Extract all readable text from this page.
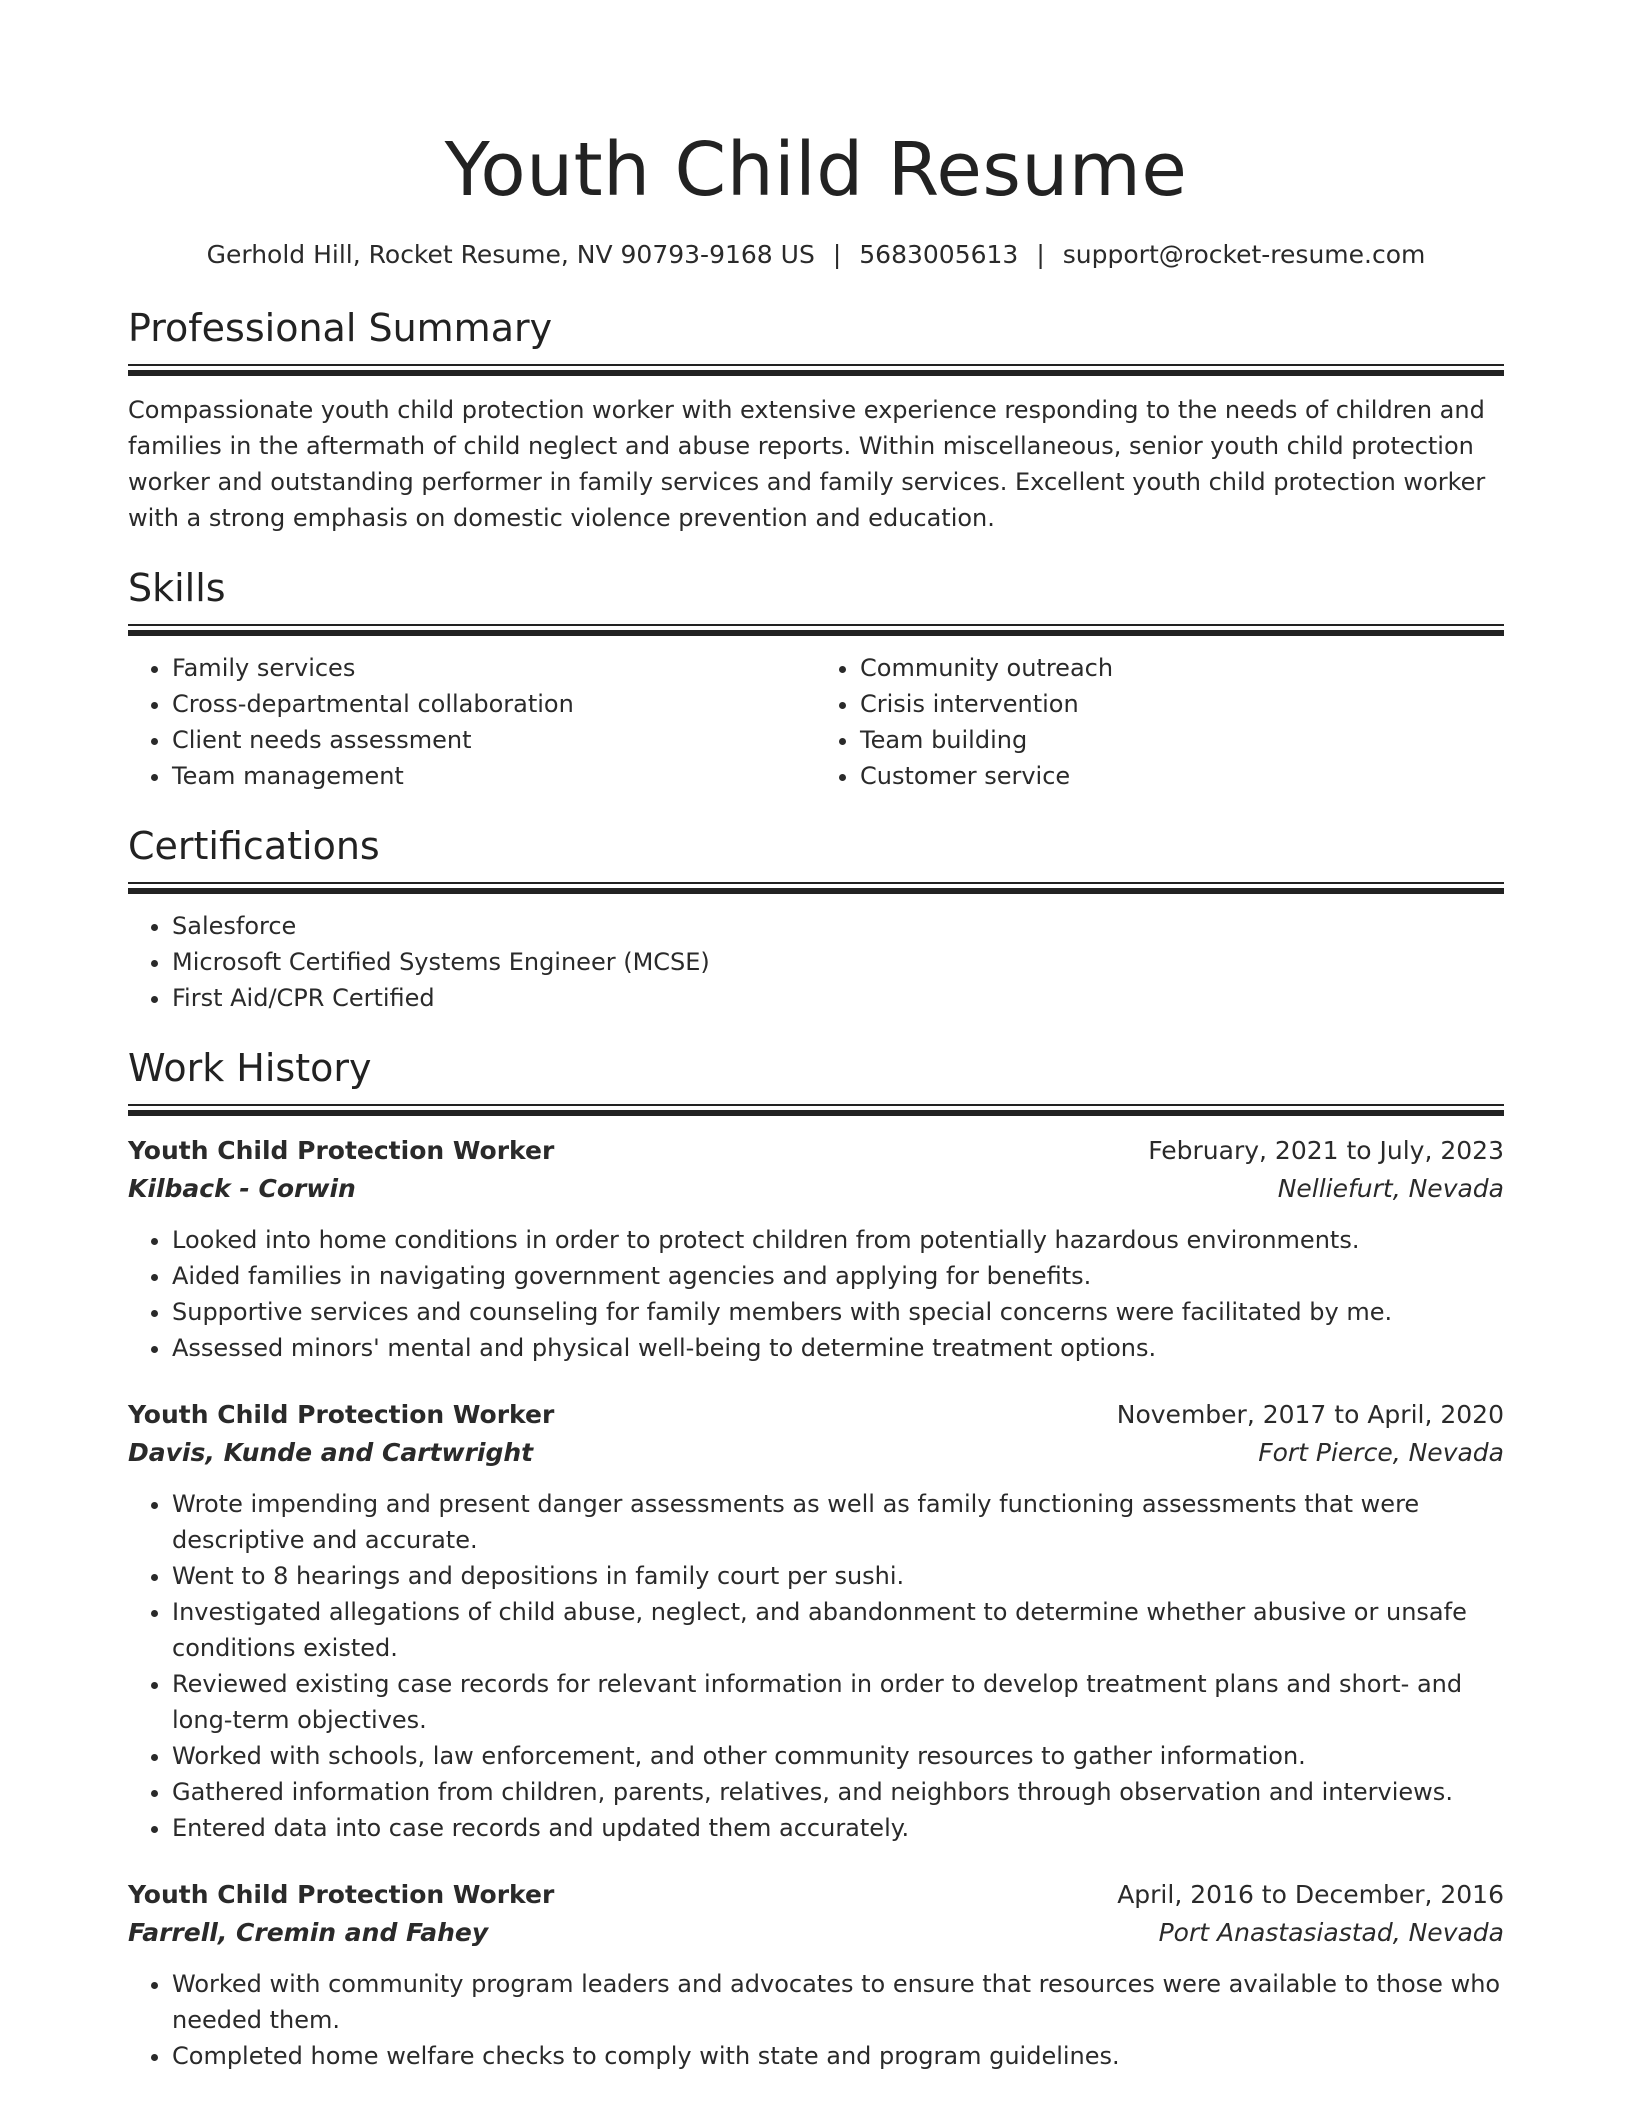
Youth Child Resume
Gerhold Hill, Rocket Resume, NV 90793-9168 US | 5683005613 | support@rocket-resume.com
Professional Summary

Compassionate youth child protection worker with extensive experience responding to the needs of children and families in the aftermath of child neglect and abuse reports. Within miscellaneous, senior youth child protection worker and outstanding performer in family services and family services. Excellent youth child protection worker with a strong emphasis on domestic violence prevention and education.

Skills
• Family services
• Cross-departmental collaboration
• Client needs assessment
• Team management
• Community outreach
• Crisis intervention
• Team building
• Customer service
Certifications
• Salesforce
• Microsoft Certified Systems Engineer (MCSE)
• First Aid/CPR Certified
Work History
Youth Child Protection Worker	February, 2021 to July, 2023
Kilback - Corwin	Nelliefurt, Nevada
• Looked into home conditions in order to protect children from potentially hazardous environments.
• Aided families in navigating government agencies and applying for benefits.
• Supportive services and counseling for family members with special concerns were facilitated by me.
• Assessed minors' mental and physical well-being to determine treatment options.
Youth Child Protection Worker	November, 2017 to April, 2020
Davis, Kunde and Cartwright	Fort Pierce, Nevada
• Wrote impending and present danger assessments as well as family functioning assessments that were descriptive and accurate.
• Went to 8 hearings and depositions in family court per sushi.
• Investigated allegations of child abuse, neglect, and abandonment to determine whether abusive or unsafe conditions existed.
• Reviewed existing case records for relevant information in order to develop treatment plans and short- and long-term objectives.
• Worked with schools, law enforcement, and other community resources to gather information.
• Gathered information from children, parents, relatives, and neighbors through observation and interviews.
• Entered data into case records and updated them accurately.
Youth Child Protection Worker	April, 2016 to December, 2016
Farrell, Cremin and Fahey	Port Anastasiastad, Nevada
• Worked with community program leaders and advocates to ensure that resources were available to those who needed them.
• Completed home welfare checks to comply with state and program guidelines.
